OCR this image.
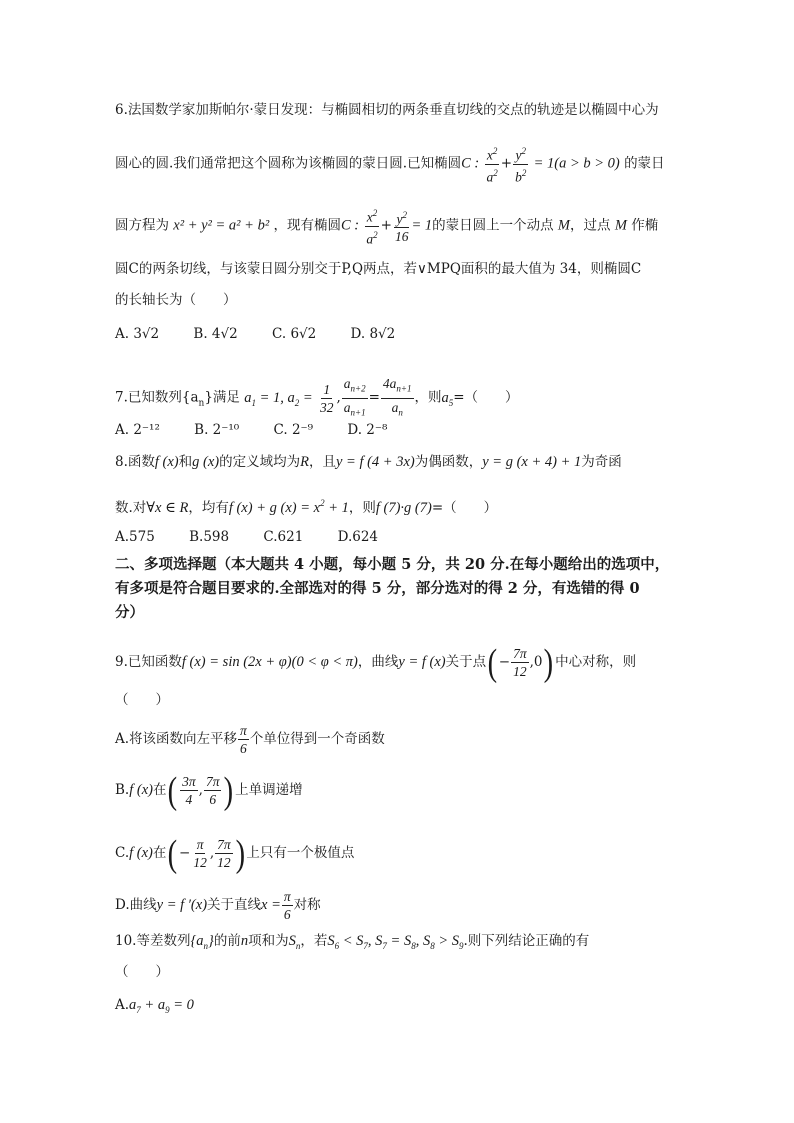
6.法国数学家加斯帕尔·蒙日发现：与椭圆相切的两条垂直切线的交点的轨迹是以椭圆中心为
圆心的圆.我们通常把这个圆称为该椭圆的蒙日圆.已知椭圆C : $\frac{x^2}{a^2} + \frac{y^2}{b^2} = 1(a > b > 0)$ 的蒙日
圆方程为 x² + y² = a² + b² ，现有椭圆C : $\frac{x^2}{a^2} + \frac{y^2}{16} = 1$的蒙日圆上一个动点 M，过点 M 作椭
圆C的两条切线，与该蒙日圆分别交于P,Q两点，若∨MPQ面积的最大值为 34，则椭圆C
的长轴长为（　　）
A. 3√2	B. 4√2	C. 6√2	D. 8√2
7.已知数列$\{a_n\}$满足 $a_1 = 1$, $a_2 = \frac{1}{32}$ , $\frac{a_{n+2}}{a_{n+1}} = \frac{4a_{n+1}}{a_n}$ ，则$a_5=$（　　）
A. 2⁻¹²	B. 2⁻¹⁰	C. 2⁻⁹	D. 2⁻⁸
8.函数f (x)和g (x)的定义域均为R，且y = f (4 + 3x)为偶函数，y = g (x + 4) + 1为奇函
数.对∀x ∈ R，均有f (x) + g $(x) = x^2 + 1$，则f (7)·g (7)=（　　）
A.575	B.598	C.621	D.624
二、多项选择题（本大题共 4 小题，每小题 5 分，共 20 分.在每小题给出的选项中，
有多项是符合题目要求的.全部选对的得 5 分，部分选对的得 2 分，有选错的得 0
分）
9.已知函数f (x) = sin (2x + φ)(0 < φ < π)，曲线y = f (x)关于点( − $\frac{7\pi}{12} ,0$) 中心对称，则
（　　）
A.将该函数向左平移 $\frac{\pi}{6}$ 个单位得到一个奇函数
B.f (x)在( $\frac{3\pi}{4}$ , $\frac{7\pi}{6}$ ) 上单调递增
C.f (x)在( − $\frac{\pi}{12}$ , $\frac{7\pi}{12}$ ) 上只有一个极值点
D.曲线y = f ′(x)关于直线$x = \frac{\pi}{6}$ 对称
10.等差数列$\{a_n\}$的前n项和为$S_n$，若$S_6 < S_7$, $S_7 = S_8$, $S_8 > S_9$.则下列结论正确的有
（　　）
$A.a_7 + a_9 = 0$
